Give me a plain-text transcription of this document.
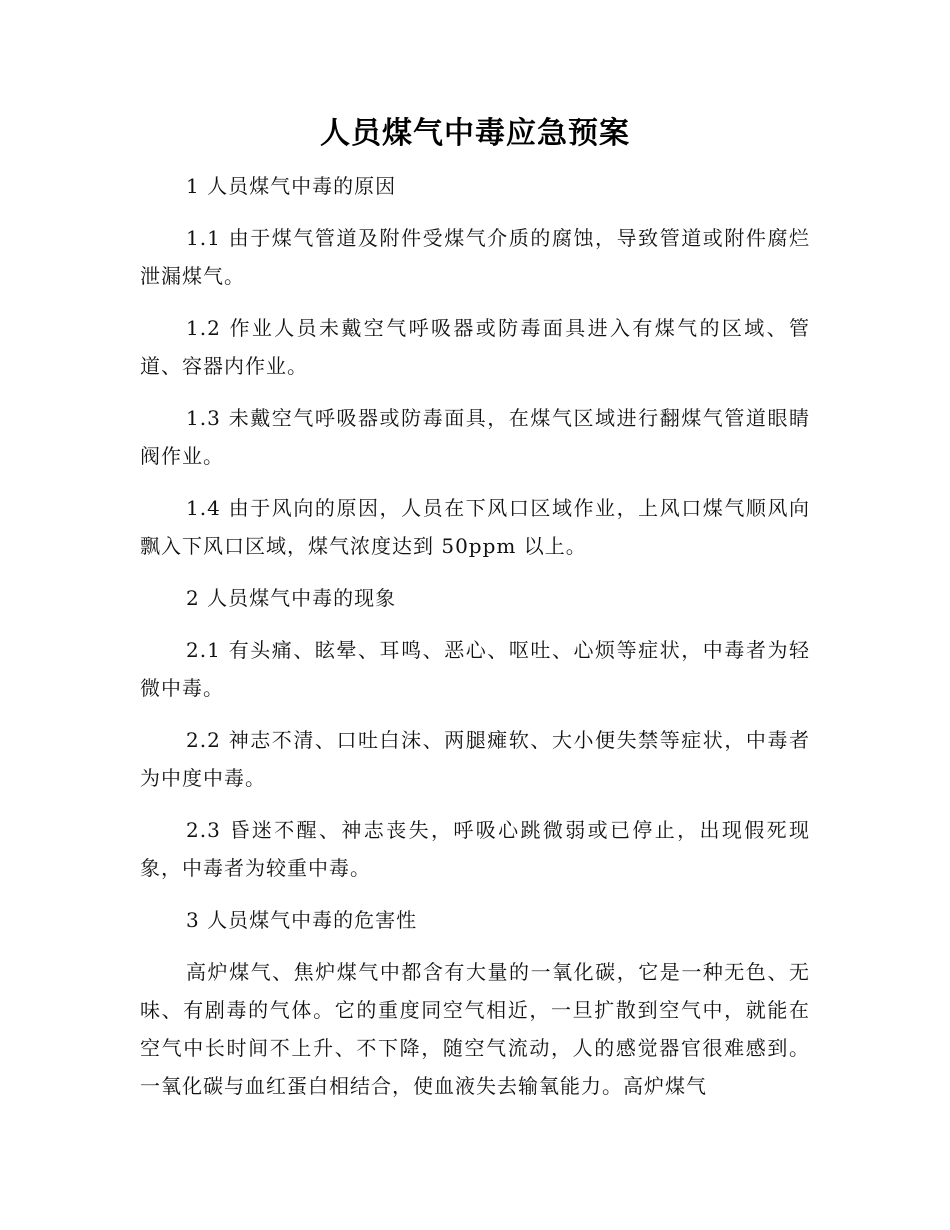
人员煤气中毒应急预案

1 人员煤气中毒的原因

1.1 由于煤气管道及附件受煤气介质的腐蚀，导致管道或附件腐烂泄漏煤气。

1.2 作业人员未戴空气呼吸器或防毒面具进入有煤气的区域、管道、容器内作业。

1.3 未戴空气呼吸器或防毒面具，在煤气区域进行翻煤气管道眼睛阀作业。

1.4 由于风向的原因，人员在下风口区域作业，上风口煤气顺风向飘入下风口区域，煤气浓度达到 50ppm 以上。

2 人员煤气中毒的现象

2.1 有头痛、眩晕、耳鸣、恶心、呕吐、心烦等症状，中毒者为轻微中毒。

2.2 神志不清、口吐白沫、两腿瘫软、大小便失禁等症状，中毒者为中度中毒。

2.3 昏迷不醒、神志丧失，呼吸心跳微弱或已停止，出现假死现象，中毒者为较重中毒。

3 人员煤气中毒的危害性

高炉煤气、焦炉煤气中都含有大量的一氧化碳，它是一种无色、无味、有剧毒的气体。它的重度同空气相近，一旦扩散到空气中，就能在空气中长时间不上升、不下降，随空气流动，人的感觉器官很难感到。一氧化碳与血红蛋白相结合，使血液失去输氧能力。高炉煤气
